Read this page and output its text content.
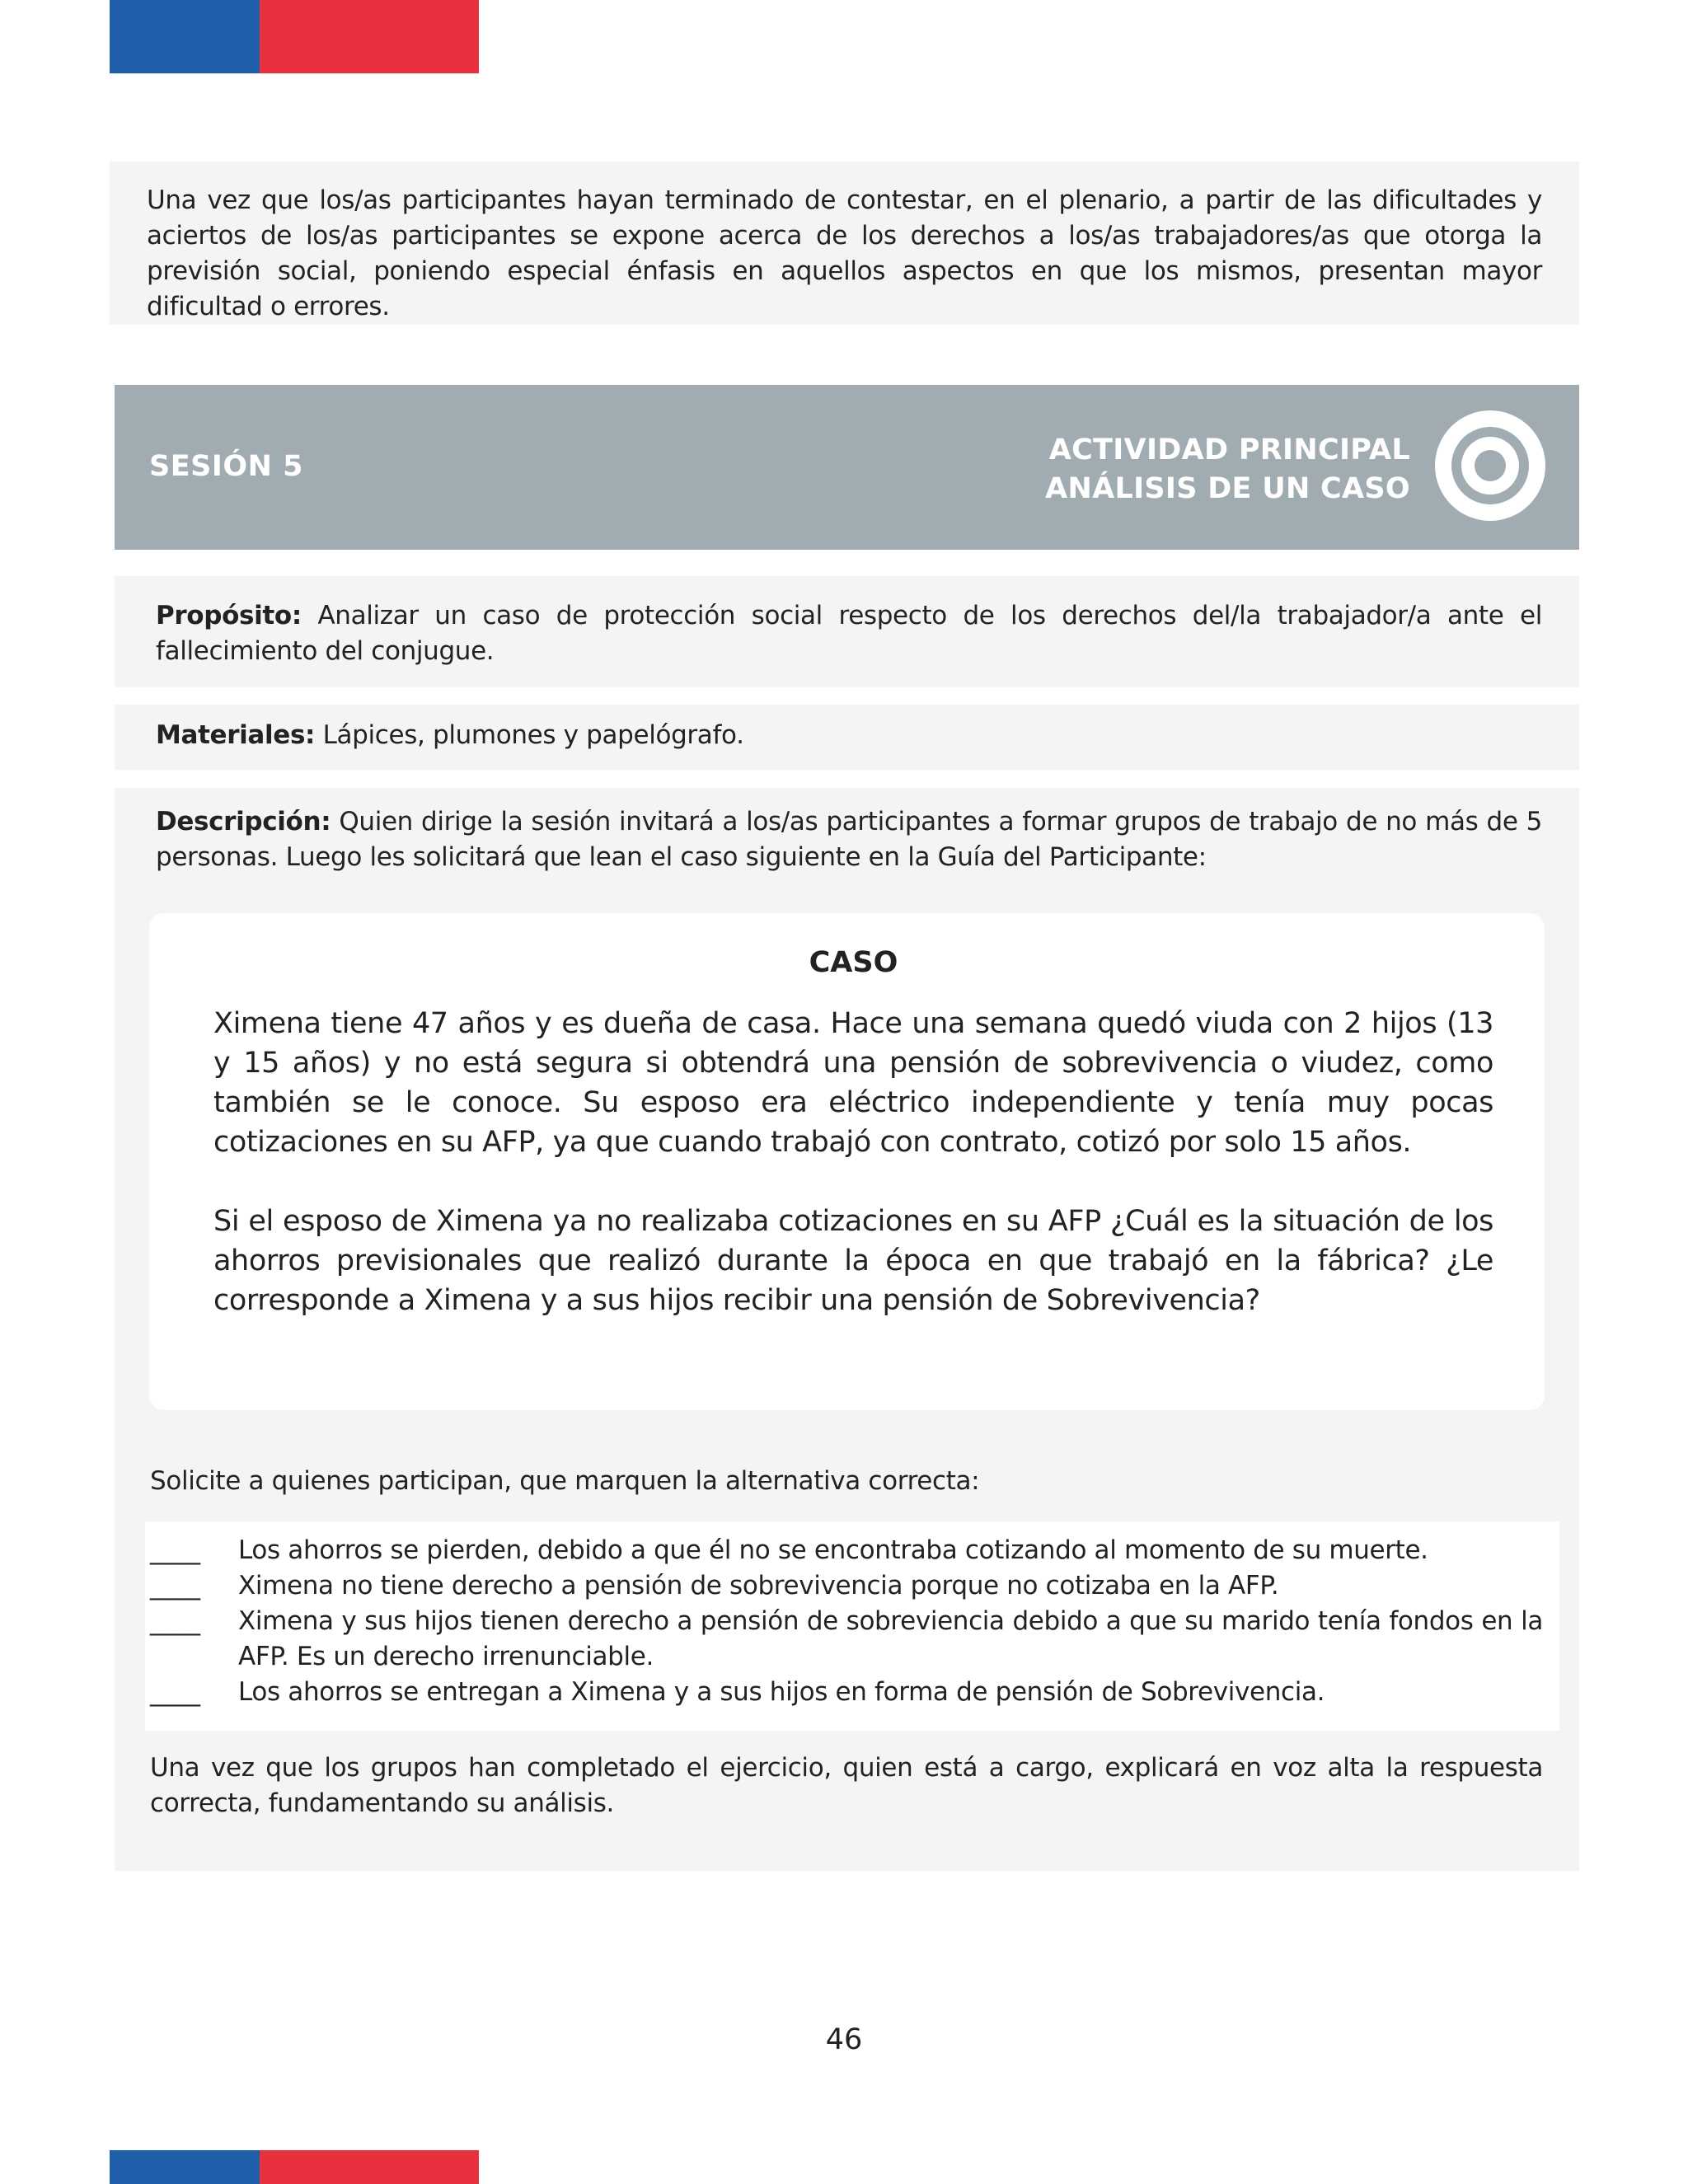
Una vez que los/as participantes hayan terminado de contestar, en el plenario, a partir de las dificultades y aciertos de los/as participantes se expone acerca de los derechos a los/as trabajadores/as que otorga la previsión social, poniendo especial énfasis en aquellos aspectos en que los mismos, presentan mayor dificultad o errores.

SESIÓN 5	ACTIVIDAD PRINCIPAL
ANÁLISIS DE UN CASO

Propósito: Analizar un caso de protección social respecto de los derechos del/la trabajador/a ante el fallecimiento del conjugue.

Materiales: Lápices, plumones y papelógrafo.

Descripción: Quien dirige la sesión invitará a los/as participantes a formar grupos de trabajo de no más de 5 personas. Luego les solicitará que lean el caso siguiente en la Guía del Participante:

CASO

Ximena tiene 47 años y es dueña de casa. Hace una semana quedó viuda con 2 hijos (13 y 15 años) y no está segura si obtendrá una pensión de sobrevivencia o viudez, como también se le conoce. Su esposo era eléctrico independiente y tenía muy pocas cotizaciones en su AFP, ya que cuando trabajó con contrato, cotizó por solo 15 años.

Si el esposo de Ximena ya no realizaba cotizaciones en su AFP ¿Cuál es la situación de los ahorros previsionales que realizó durante la época en que trabajó en la fábrica? ¿Le corresponde a Ximena y a sus hijos recibir una pensión de Sobrevivencia?

Solicite a quienes participan, que marquen la alternativa correcta:

____	Los ahorros se pierden, debido a que él no se encontraba cotizando al momento de su muerte.
____	Ximena no tiene derecho a pensión de sobrevivencia porque no cotizaba en la AFP.
____	Ximena y sus hijos tienen derecho a pensión de sobreviencia debido a que su marido tenía fondos en la AFP. Es un derecho irrenunciable.
____	Los ahorros se entregan a Ximena y a sus hijos en forma de pensión de Sobrevivencia.

Una vez que los grupos han completado el ejercicio, quien está a cargo, explicará en voz alta la respuesta correcta, fundamentando su análisis.

46
